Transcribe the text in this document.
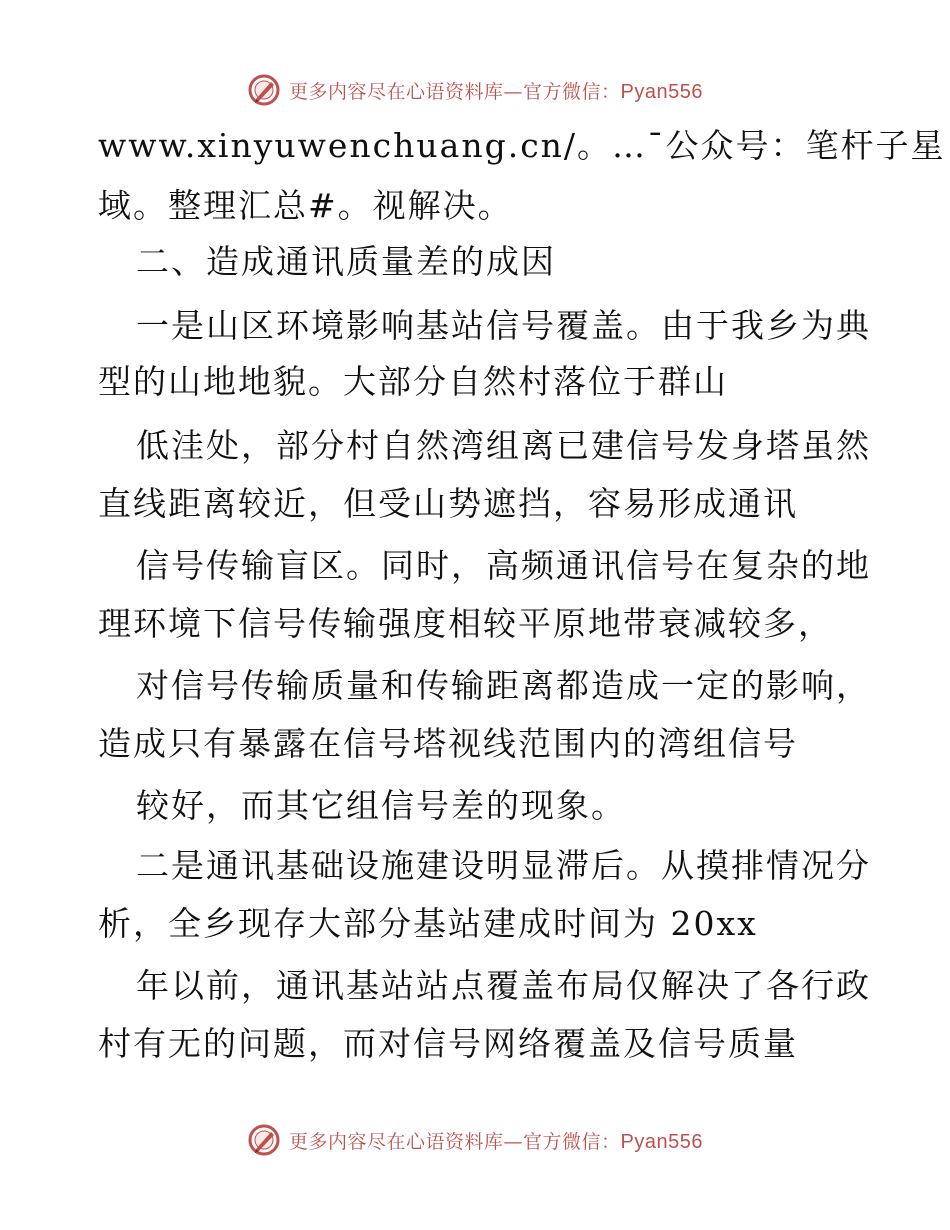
更多内容尽在心语资料库—官方微信：Pyan556
www.xinyuwenchuang.cn/。…¯公众号：笔杆子星
域。整理汇总#。视解决。
二、造成通讯质量差的成因
一是山区环境影响基站信号覆盖。由于我乡为典
型的山地地貌。大部分自然村落位于群山
低洼处，部分村自然湾组离已建信号发身塔虽然
直线距离较近，但受山势遮挡，容易形成通讯
信号传输盲区。同时，高频通讯信号在复杂的地
理环境下信号传输强度相较平原地带衰减较多，
对信号传输质量和传输距离都造成一定的影响，
造成只有暴露在信号塔视线范围内的湾组信号
较好，而其它组信号差的现象。
二是通讯基础设施建设明显滞后。从摸排情况分
析，全乡现存大部分基站建成时间为 20xx
年以前，通讯基站站点覆盖布局仅解决了各行政
村有无的问题，而对信号网络覆盖及信号质量
更多内容尽在心语资料库—官方微信：Pyan556
